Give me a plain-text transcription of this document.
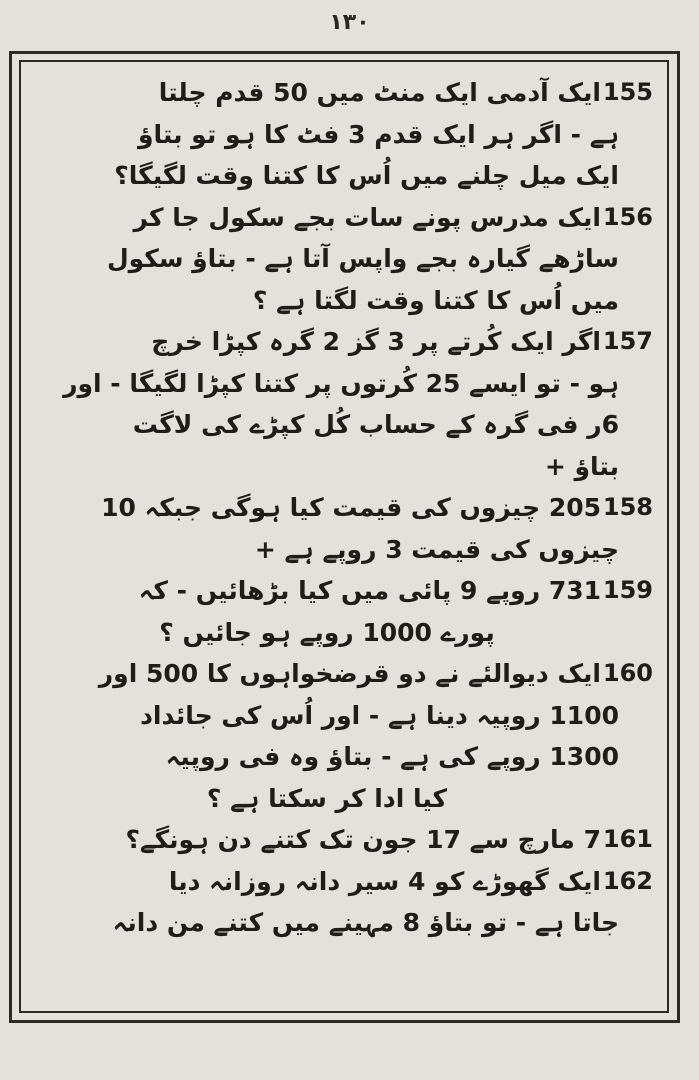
١٣٠
155
ایک آدمی ایک منٹ میں 50 قدم چلتا
ہے - اگر ہر ایک قدم 3 فٹ کا ہو تو بتاؤ
ایک میل چلنے میں اُس کا کتنا وقت لگیگا؟
156
ایک مدرس پونے سات بجے سکول جا کر
ساڑھے گیارہ بجے واپس آتا ہے - بتاؤ سکول
میں اُس کا کتنا وقت لگتا ہے ؟
157
اگر ایک کُرتے پر 3 گز 2 گرہ کپڑا خرچ
ہو - تو ایسے 25 کُرتوں پر کتنا کپڑا لگیگا - اور
6ر فی گرہ کے حساب کُل کپڑے کی لاگت
بتاؤ +
158
205 چیزوں کی قیمت کیا ہوگی جبکہ 10
چیزوں کی قیمت 3 روپے ہے +
159
731 روپے 9 پائی میں کیا بڑھائیں - کہ
پورے 1000 روپے ہو جائیں ؟
160
ایک دیوالئے نے دو قرضخواہوں کا 500 اور
1100 روپیہ دینا ہے - اور اُس کی جائداد
1300 روپے کی ہے - بتاؤ وہ فی روپیہ
کیا ادا کر سکتا ہے ؟
161
7 مارچ سے 17 جون تک کتنے دن ہونگے؟
162
ایک گھوڑے کو 4 سیر دانہ روزانہ دیا
جاتا ہے - تو بتاؤ 8 مہینے میں کتنے من دانہ
